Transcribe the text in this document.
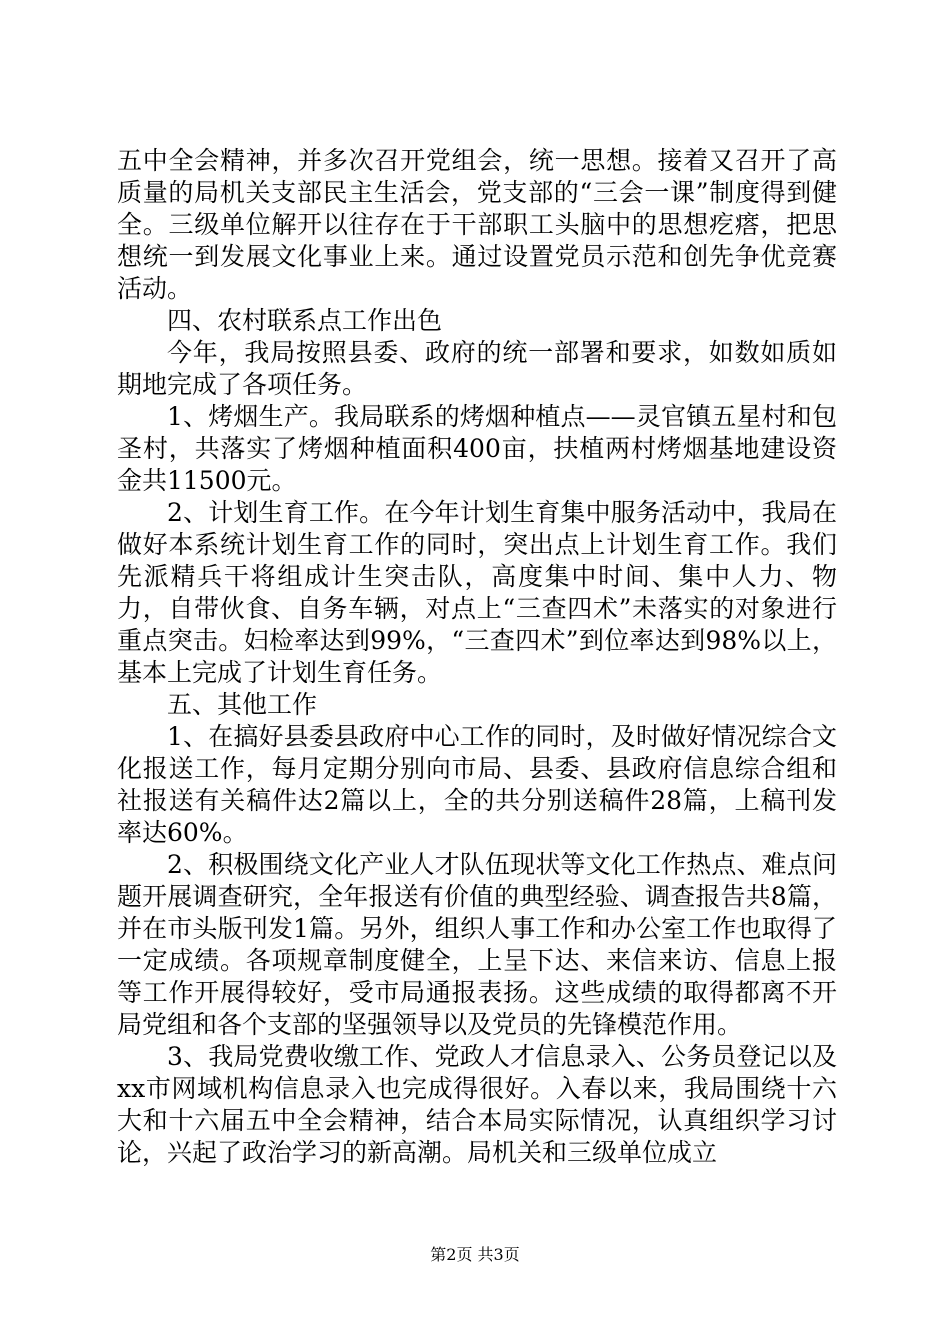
五中全会精神，并多次召开党组会，统一思想。接着又召开了高质量的局机关支部民主生活会，党支部的“三会一课”制度得到健全。三级单位解开以往存在于干部职工头脑中的思想疙瘩，把思想统一到发展文化事业上来。通过设置党员示范和创先争优竞赛活动。

四、农村联系点工作出色

今年，我局按照县委、政府的统一部署和要求，如数如质如期地完成了各项任务。

1、烤烟生产。我局联系的烤烟种植点——灵官镇五星村和包圣村，共落实了烤烟种植面积400亩，扶植两村烤烟基地建设资金共11500元。

2、计划生育工作。在今年计划生育集中服务活动中，我局在做好本系统计划生育工作的同时，突出点上计划生育工作。我们先派精兵干将组成计生突击队，高度集中时间、集中人力、物力，自带伙食、自务车辆，对点上“三查四术”未落实的对象进行重点突击。妇检率达到99%，“三查四术”到位率达到98%以上，基本上完成了计划生育任务。

五、其他工作

1、在搞好县委县政府中心工作的同时，及时做好情况综合文化报送工作，每月定期分别向市局、县委、县政府信息综合组和社报送有关稿件达2篇以上，全的共分别送稿件28篇，上稿刊发率达60%。

2、积极围绕文化产业人才队伍现状等文化工作热点、难点问题开展调查研究，全年报送有价值的典型经验、调查报告共8篇，并在市头版刊发1篇。另外，组织人事工作和办公室工作也取得了一定成绩。各项规章制度健全，上呈下达、来信来访、信息上报等工作开展得较好，受市局通报表扬。这些成绩的取得都离不开局党组和各个支部的坚强领导以及党员的先锋模范作用。

3、我局党费收缴工作、党政人才信息录入、公务员登记以及xx市网域机构信息录入也完成得很好。入春以来，我局围绕十六大和十六届五中全会精神，结合本局实际情况，认真组织学习讨论，兴起了政治学习的新高潮。局机关和三级单位成立

第2页 共3页
